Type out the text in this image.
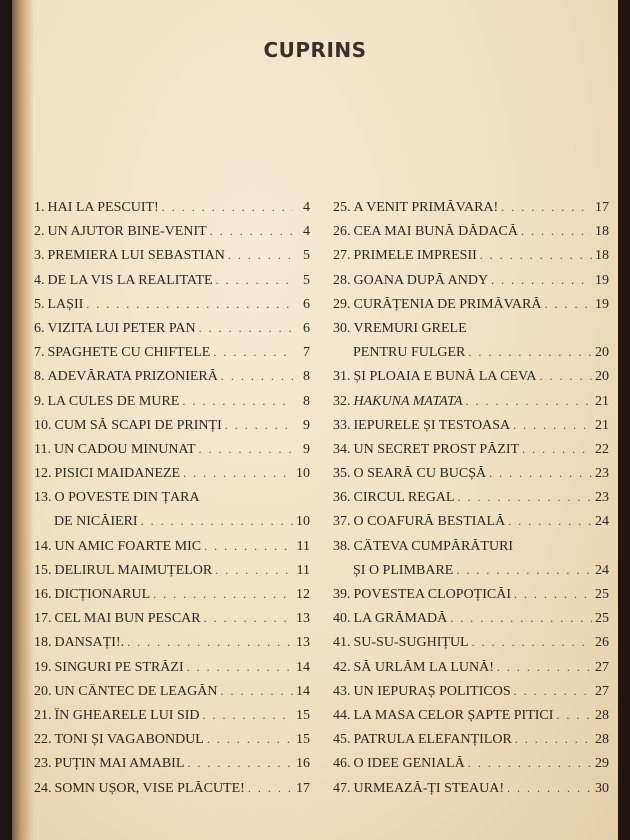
CUPRINS
1. HAI LA PESCUIT! . . .	4
2. UN AJUTOR BINE-VENIT . . .	4
3. PREMIERA LUI SEBASTIAN . . .	5
4. DE LA VIS LA REALITATE . . .	5
5. LAȘII . . .	6
6. VIZITA LUI PETER PAN . . .	6
7. SPAGHETE CU CHIFTELE . . .	7
8. ADEVĂRATA PRIZONIERĂ . . .	8
9. LA CULES DE MURE . . .	8
10. CUM SĂ SCAPI DE PRINȚI . . .	9
11. UN CADOU MINUNAT . . .	9
12. PISICI MAIDANEZE . . .	10
13. O POVESTE DIN ȚARA
DE NICĂIERI . . .	10
14. UN AMIC FOARTE MIC . . .	11
15. DELIRUL MAIMUȚELOR . . .	11
16. DICȚIONARUL . . .	12
17. CEL MAI BUN PESCAR . . .	13
18. DANSAȚI!. . . .	13
19. SINGURI PE STRĂZI . . .	14
20. UN CÂNTEC DE LEAGĂN . . .	14
21. ÎN GHEARELE LUI SID . . .	15
22. TONI ȘI VAGABONDUL . . .	15
23. PUȚIN MAI AMABIL . . .	16
24. SOMN UȘOR, VISE PLĂCUTE! . . .	17
25. A VENIT PRIMĂVARA! . . .	17
26. CEA MAI BUNĂ DĂDACĂ . . .	18
27. PRIMELE IMPRESII . . .	18
28. GOANA DUPĂ ANDY . . .	19
29. CURĂȚENIA DE PRIMĂVARĂ . . .	19
30. VREMURI GRELE
PENTRU FULGER . . .	20
31. ȘI PLOAIA E BUNĂ LA CEVA . . .	20
32. HAKUNA MATATA . . .	21
33. IEPURELE ȘI TESTOASA . . .	21
34. UN SECRET PROST PĂZIT . . .	22
35. O SEARĂ CU BUCȘĂ . . .	23
36. CIRCUL REGAL . . .	23
37. O COAFURĂ BESTIALĂ . . .	24
38. CÂTEVA CUMPĂRĂTURI
ȘI O PLIMBARE . . .	24
39. POVESTEA CLOPOȚICĂI . . .	25
40. LA GRĂMADĂ . . .	25
41. SU-SU-SUGHIȚUL . . .	26
42. SĂ URLĂM LA LUNĂ! . . .	27
43. UN IEPURAȘ POLITICOS . . .	27
44. LA MASA CELOR ȘAPTE PITICI . . .	28
45. PATRULA ELEFANȚILOR . . .	28
46. O IDEE GENIALĂ . . .	29
47. URMEAZĂ-ȚI STEAUA! . . .	30
